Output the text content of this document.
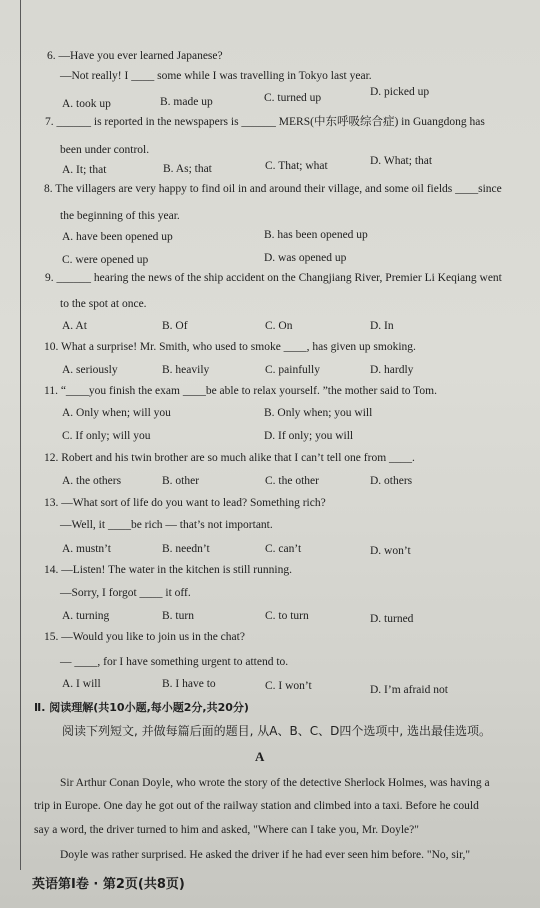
6. —Have you ever learned Japanese?
—Not really! I ____ some while I was travelling in Tokyo last year.
A. took up	B. made up	C. turned up	D. picked up
7. ______ is reported in the newspapers is ______ MERS(中东呼吸综合症) in Guangdong has
been under control.
A. It; that	B. As; that	C. That; what	D. What; that
8. The villagers are very happy to find oil in and around their village, and some oil fields ____since
the beginning of this year.
A. have been opened up	B. has been opened up
C. were opened up	D. was opened up
9. ______ hearing the news of the ship accident on the Changjiang River, Premier Li Keqiang went
to the spot at once.
A. At	B. Of	C. On	D. In
10. What a surprise! Mr. Smith, who used to smoke ____, has given up smoking.
A. seriously	B. heavily	C. painfully	D. hardly
11. “____you finish the exam ____be able to relax yourself. ”the mother said to Tom.
A. Only when; will you	B. Only when; you will
C. If only; will you	D. If only; you will
12. Robert and his twin brother are so much alike that I can’t tell one from ____.
A. the others	B. other	C. the other	D. others
13. —What sort of life do you want to lead? Something rich?
—Well, it ____be rich — that’s not important.
A. mustn’t	B. needn’t	C. can’t	D. won’t
14. —Listen! The water in the kitchen is still running.
—Sorry, I forgot ____ it off.
A. turning	B. turn	C. to turn	D. turned
15. —Would you like to join us in the chat?
— ____, for I have something urgent to attend to.
A. I will	B. I have to	C. I won’t	D. I’m afraid not
Ⅱ. 阅读理解(共10小题,每小题2分,共20分)
阅读下列短文, 并做每篇后面的题目, 从A、B、C、D四个选项中, 选出最佳选项。
A
Sir Arthur Conan Doyle, who wrote the story of the detective Sherlock Holmes, was having a
trip in Europe. One day he got out of the railway station and climbed into a taxi. Before he could
say a word, the driver turned to him and asked, "Where can I take you, Mr. Doyle?"
Doyle was rather surprised. He asked the driver if he had ever seen him before. "No, sir,"
英语第Ⅰ卷 · 第2页(共8页)
